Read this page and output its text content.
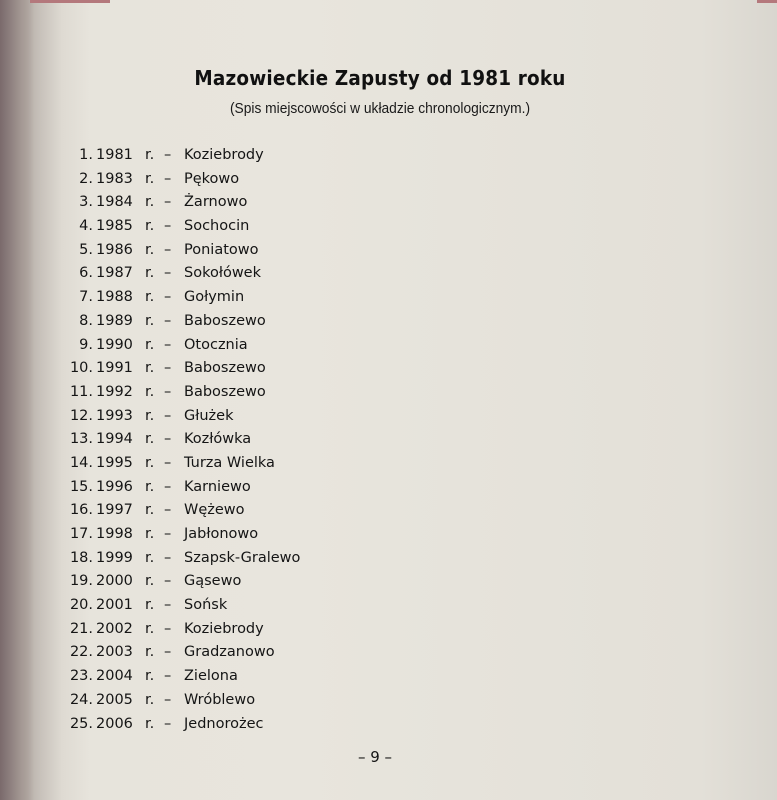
Mazowieckie Zapusty od 1981 roku
(Spis miejscowości w układzie chronologicznym.)
1. 1981 r. – Koziebrody
2. 1983 r. – Pękowo
3. 1984 r. – Żarnowo
4. 1985 r. – Sochocin
5. 1986 r. – Poniatowo
6. 1987 r. – Sokołówek
7. 1988 r. – Gołymin
8. 1989 r. – Baboszewo
9. 1990 r. – Otocznia
10. 1991 r. – Baboszewo
11. 1992 r. – Baboszewo
12. 1993 r. – Głużek
13. 1994 r. – Kozłówka
14. 1995 r. – Turza Wielka
15. 1996 r. – Karniewo
16. 1997 r. – Wężewo
17. 1998 r. – Jabłonowo
18. 1999 r. – Szapsk-Gralewo
19. 2000 r. – Gąsewo
20. 2001 r. – Sońsk
21. 2002 r. – Koziebrody
22. 2003 r. – Gradzanowo
23. 2004 r. – Zielona
24. 2005 r. – Wróblewo
25. 2006 r. – Jednorożec
– 9 –
